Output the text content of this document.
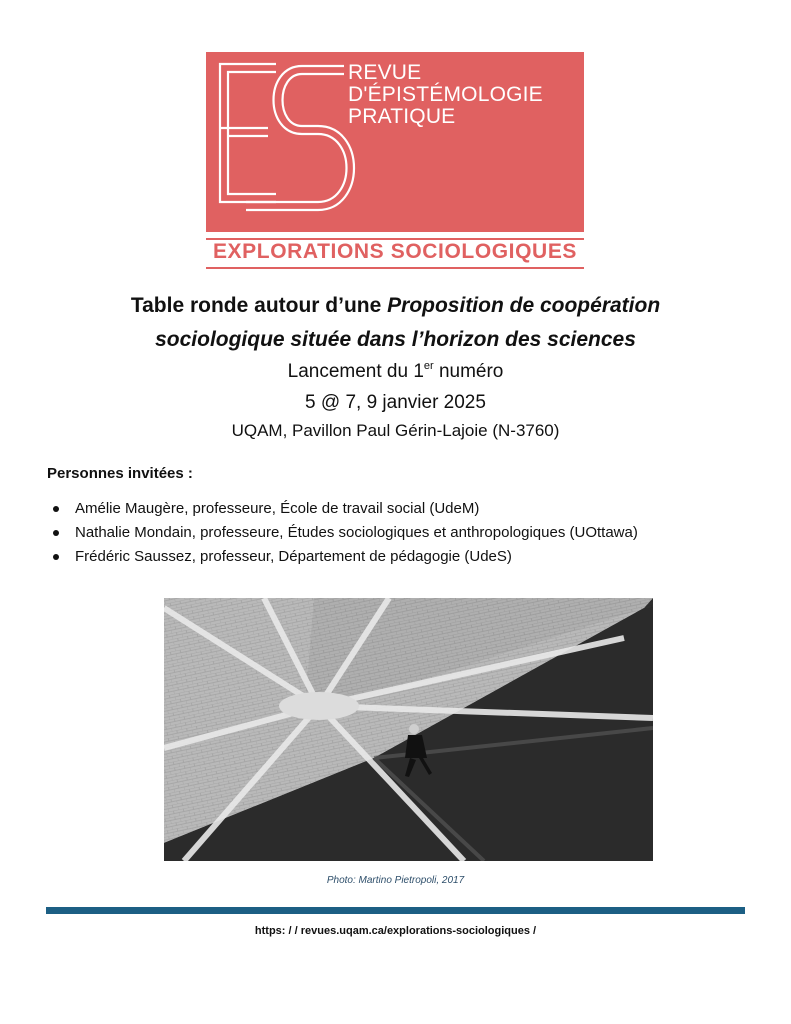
REVUE
D'ÉPISTÉMOLOGIE
PRATIQUE
EXPLORATIONS SOCIOLOGIQUES
Table ronde autour d’une Proposition de coopération
sociologique située dans l’horizon des sciences
Lancement du 1er numéro
5 @ 7, 9 janvier 2025
UQAM, Pavillon Paul Gérin-Lajoie (N-3760)
Personnes invitées :
Amélie Maugère, professeure, École de travail social (UdeM)
Nathalie Mondain, professeure, Études sociologiques et anthropologiques (UOttawa)
Frédéric Saussez, professeur, Département de pédagogie (UdeS)
Photo: Martino Pietropoli, 2017
https: / / revues.uqam.ca/explorations-sociologiques /
